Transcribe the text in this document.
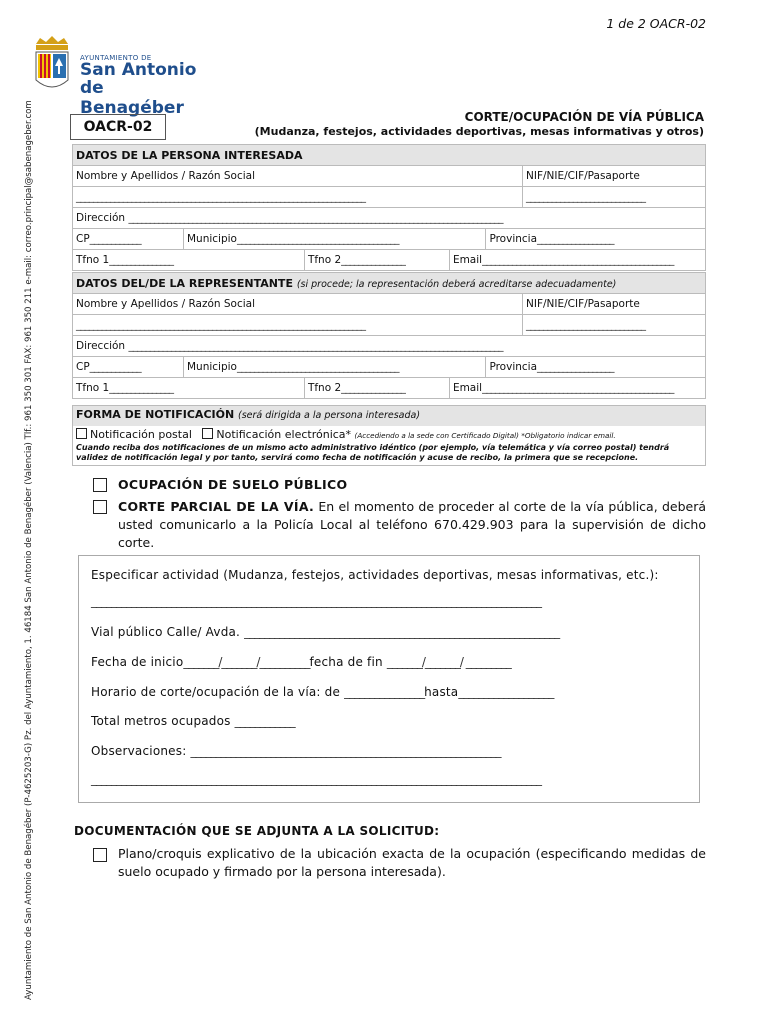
Ayuntamiento de San Antonio de Benagéber (P-4625203-G) Pz. del Ayuntamiento, 1. 46184 San Antonio de Benagéber (Valencia) Tlf.: 961 350 301 FAX: 961 350 211 e-mail: correo.principal@sabenageber.com
1 de 2 OACR-02
AYUNTAMIENTO DE
San Antonio
de Benagéber
OACR-02
CORTE/OCUPACIÓN DE VÍA PÚBLICA
(Mudanza, festejos, actividades deportivas, mesas informativas y otros)
DATOS DE LA PERSONA INTERESADA					
Nombre y Apellidos / Razón Social					NIF/NIE/CIF/Pasaporte
____________________________________________________________________					____________________________
Dirección ________________________________________________________________________________________					
CP____________	Municipio______________________________________			Provincia__________________	
Tfno 1_______________		Tfno 2_______________	Email_____________________________________________		
DATOS DEL/DE LA REPRESENTANTE (si procede; la representación deberá acreditarse adecuadamente)					
Nombre y Apellidos / Razón Social					NIF/NIE/CIF/Pasaporte
____________________________________________________________________					____________________________
Dirección ________________________________________________________________________________________					
CP____________	Municipio______________________________________			Provincia__________________	
Tfno 1_______________		Tfno 2_______________	Email_____________________________________________		
FORMA DE NOTIFICACIÓN (será dirigida a la persona interesada)
Notificación postal Notificación electrónica* (Accediendo a la sede con Certificado Digital) *Obligatorio indicar email.
Cuando reciba dos notificaciones de un mismo acto administrativo idéntico (por ejemplo, vía telemática y vía correo postal) tendrá validez de notificación legal y por tanto, servirá como fecha de notificación y acuse de recibo, la primera que se recepcione.
OCUPACIÓN DE SUELO PÚBLICO
CORTE PARCIAL DE LA VÍA. En el momento de proceder al corte de la vía pública, deberá usted comunicarlo a la Policía Local al teléfono 670.429.903 para la supervisión de dicho corte.
Especificar actividad (Mudanza, festejos, actividades deportivas, mesas informativas, etc.):
__________________________________________________________________________________________
Vial público Calle/ Avda. _______________________________________________________________
Fecha de inicio_______/_______/__________fecha de fin _______/_______/ _________
Horario de corte/ocupación de la vía: de ________________hasta___________________
Total metros ocupados ____________
Observaciones: ______________________________________________________________
__________________________________________________________________________________________
DOCUMENTACIÓN QUE SE ADJUNTA A LA SOLICITUD:
Plano/croquis explicativo de la ubicación exacta de la ocupación (especificando medidas de suelo ocupado y firmado por la persona interesada).
